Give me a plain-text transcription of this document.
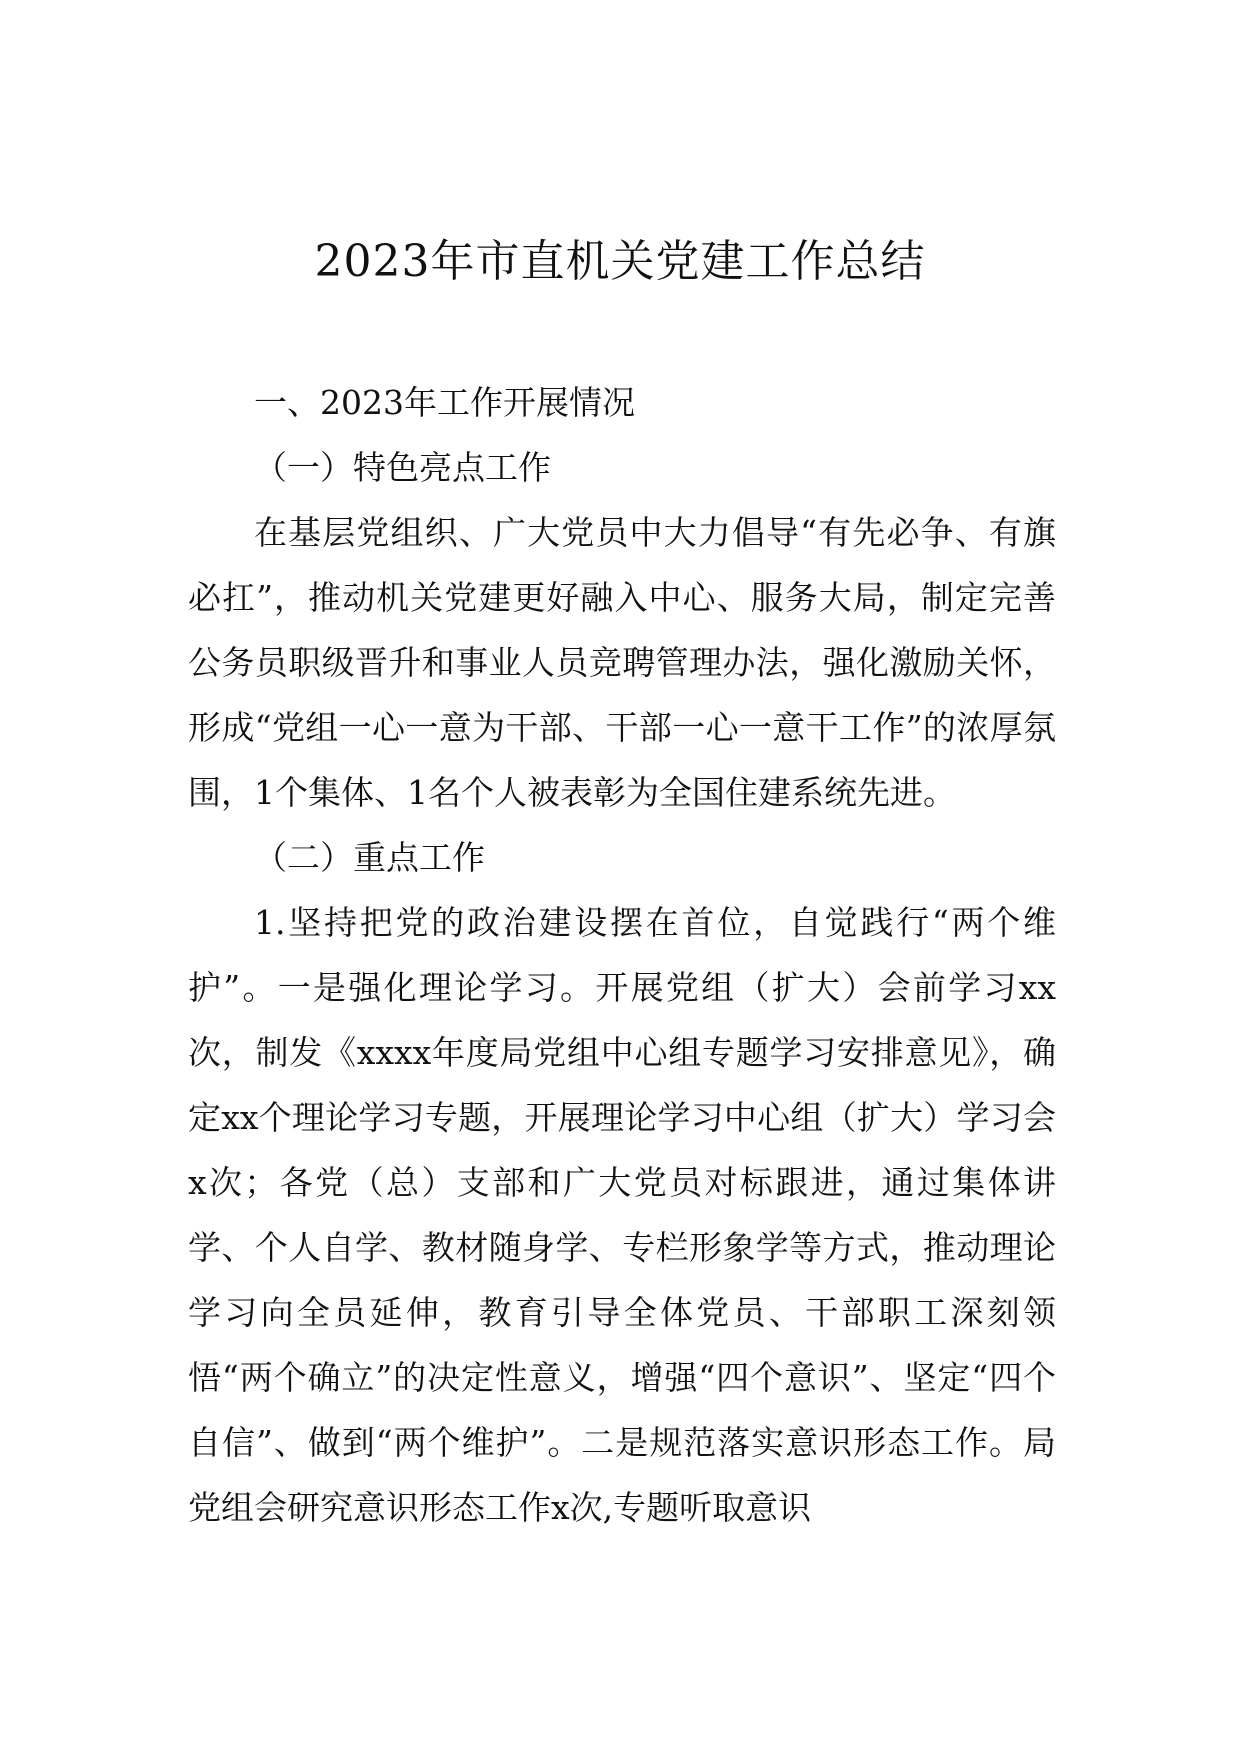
2023年市直机关党建工作总结

一、2023年工作开展情况

（一）特色亮点工作

在基层党组织、广大党员中大力倡导“有先必争、有旗必扛”，推动机关党建更好融入中心、服务大局，制定完善公务员职级晋升和事业人员竞聘管理办法，强化激励关怀，形成“党组一心一意为干部、干部一心一意干工作”的浓厚氛围，1个集体、1名个人被表彰为全国住建系统先进。

（二）重点工作

1.坚持把党的政治建设摆在首位，自觉践行“两个维护”。一是强化理论学习。开展党组（扩大）会前学习xx次，制发《xxxx年度局党组中心组专题学习安排意见》，确定xx个理论学习专题，开展理论学习中心组（扩大）学习会x次；各党（总）支部和广大党员对标跟进，通过集体讲学、个人自学、教材随身学、专栏形象学等方式，推动理论学习向全员延伸，教育引导全体党员、干部职工深刻领悟“两个确立”的决定性意义，增强“四个意识”、坚定“四个自信”、做到“两个维护”。二是规范落实意识形态工作。局党组会研究意识形态工作x次,专题听取意识
